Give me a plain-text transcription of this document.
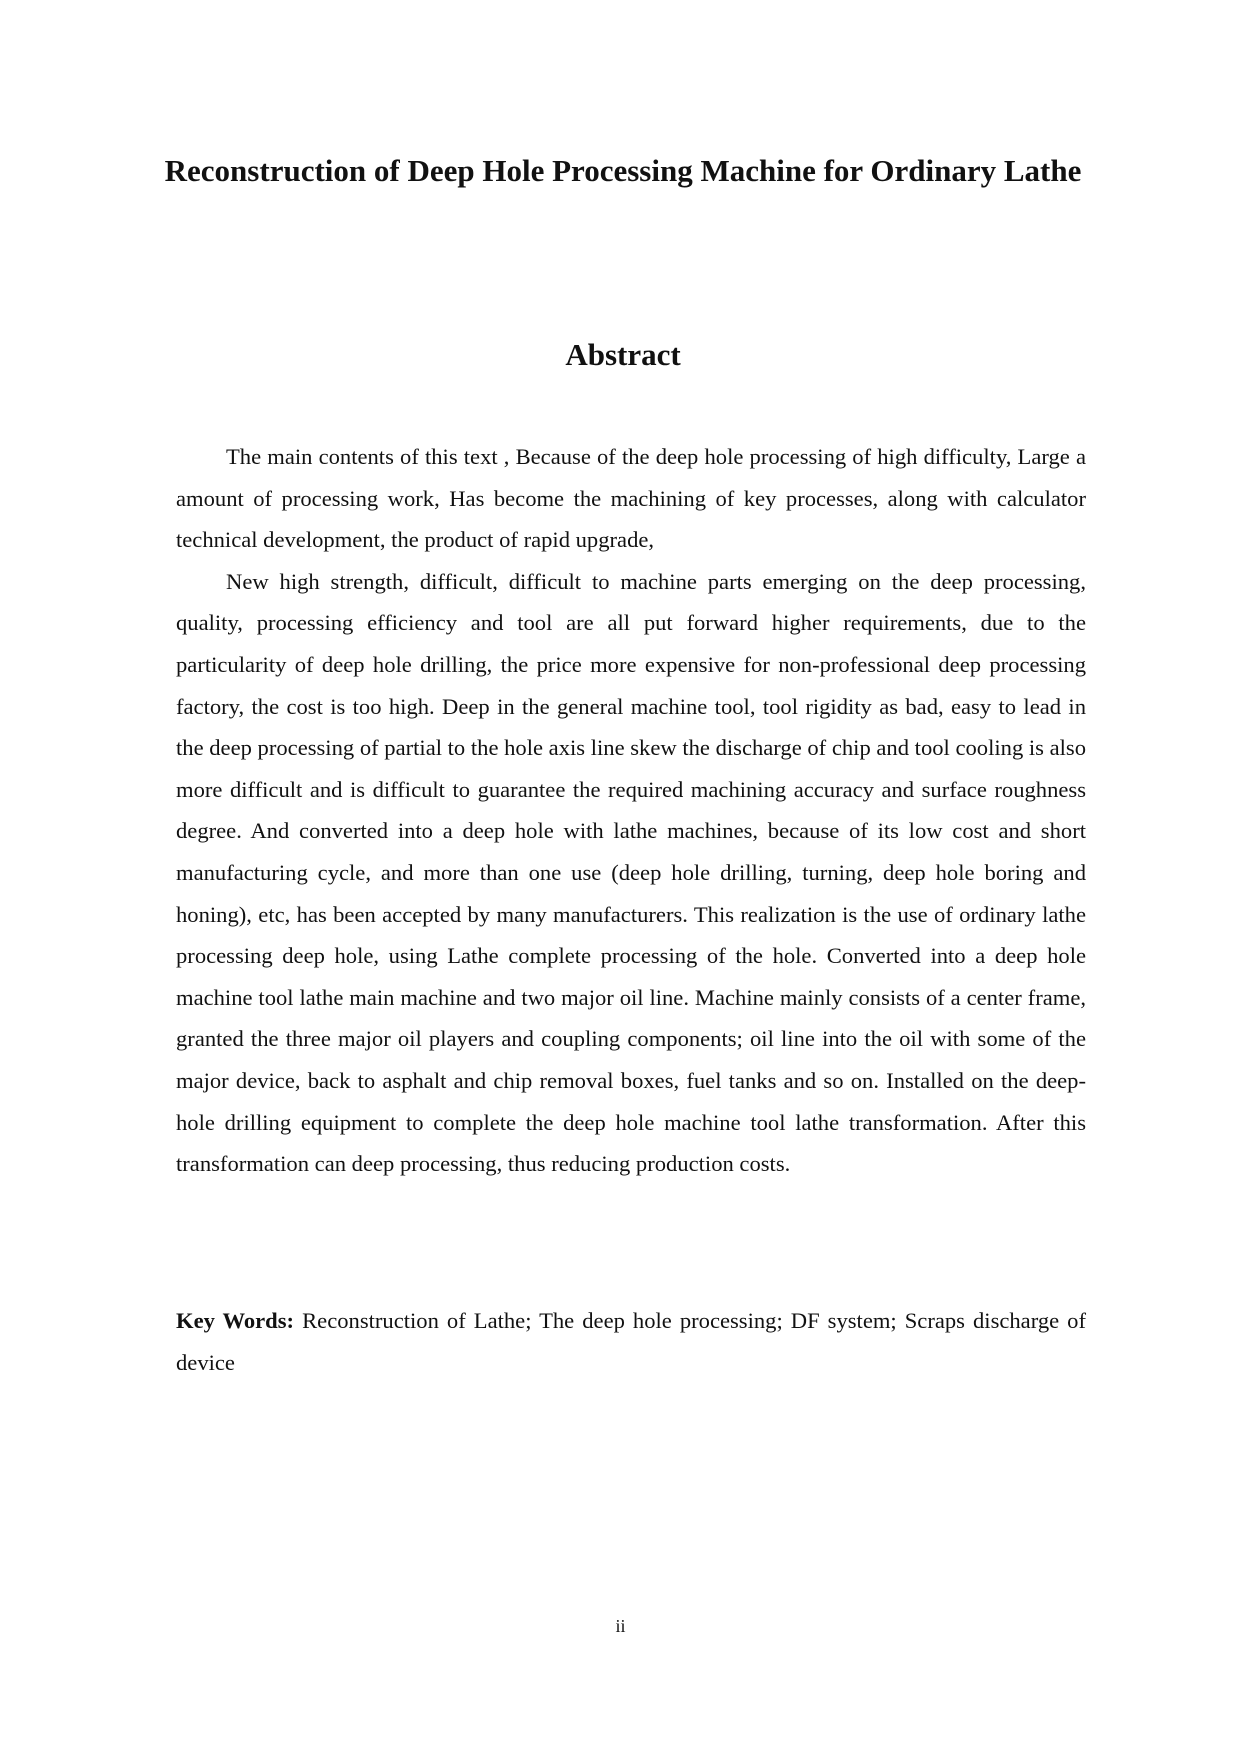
Reconstruction of Deep Hole Processing Machine for Ordinary Lathe
Abstract

The main contents of this text , Because of the deep hole processing of high difficulty, Large a amount of processing work, Has become the machining of key processes, along with calculator technical development, the product of rapid upgrade,

New high strength, difficult, difficult to machine parts emerging on the deep processing, quality, processing efficiency and tool are all put forward higher requirements, due to the particularity of deep hole drilling, the price more expensive for non-professional deep processing factory, the cost is too high. Deep in the general machine tool, tool rigidity as bad, easy to lead in the deep processing of partial to the hole axis line skew the discharge of chip and tool cooling is also more difficult and is difficult to guarantee the required machining accuracy and surface roughness degree. And converted into a deep hole with lathe machines, because of its low cost and short manufacturing cycle, and more than one use (deep hole drilling, turning, deep hole boring and honing), etc, has been accepted by many manufacturers. This realization is the use of ordinary lathe processing deep hole, using Lathe complete processing of the hole. Converted into a deep hole machine tool lathe main machine and two major oil line. Machine mainly consists of a center frame, granted the three major oil players and coupling components; oil line into the oil with some of the major device, back to asphalt and chip removal boxes, fuel tanks and so on. Installed on the deep-hole drilling equipment to complete the deep hole machine tool lathe transformation. After this transformation can deep processing, thus reducing production costs.

Key Words: Reconstruction of Lathe; The deep hole processing; DF system; Scraps discharge of device

ii
